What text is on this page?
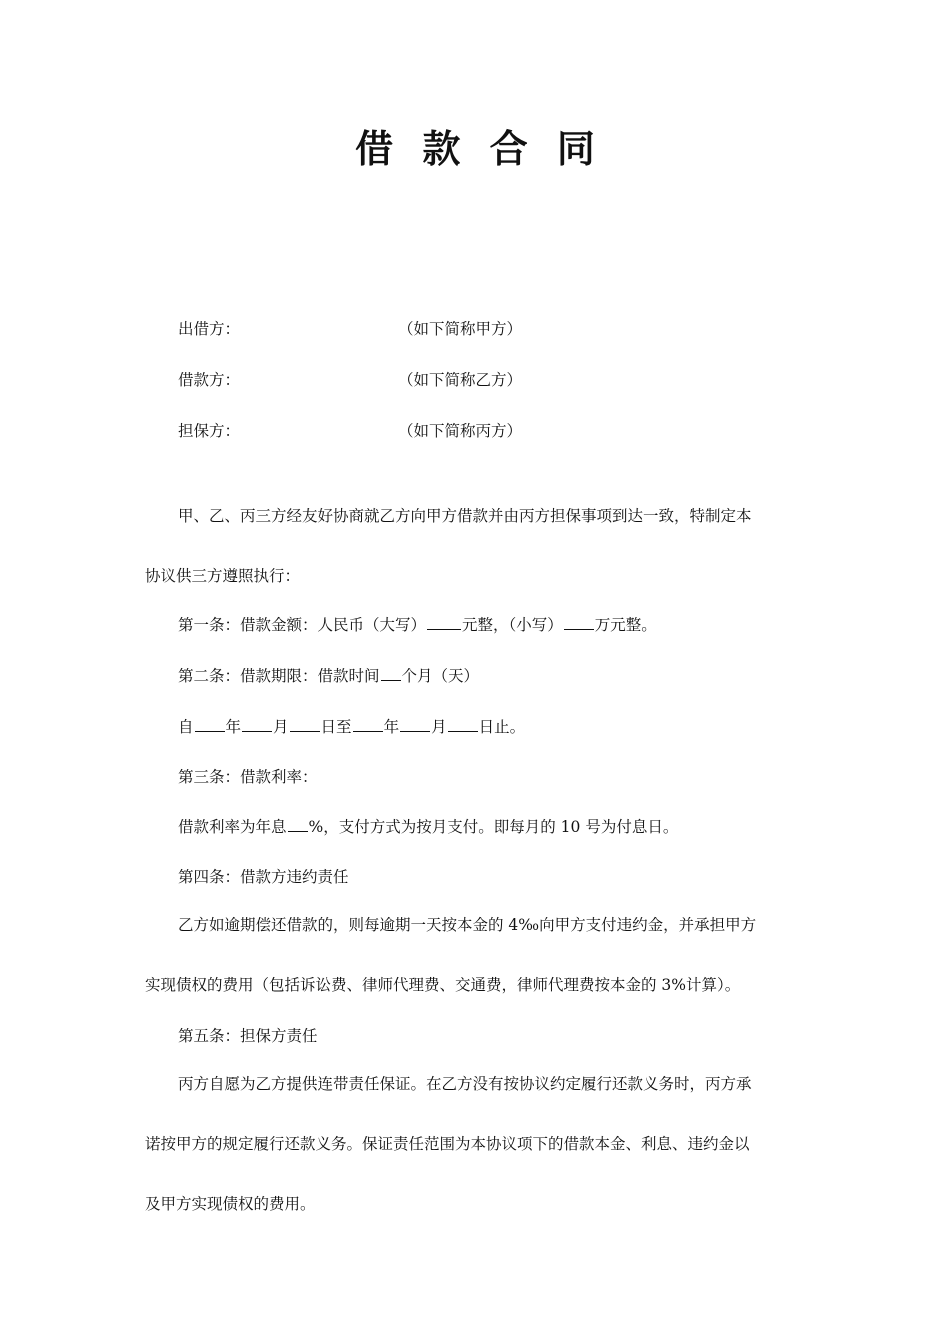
借 款 合 同
出借方：	（如下简称甲方）
借款方：	（如下简称乙方）
担保方：	（如下简称丙方）
甲、乙、丙三方经友好协商就乙方向甲方借款并由丙方担保事项到达一致，特制定本
协议供三方遵照执行：
第一条：借款金额：人民币（大写） 元整，（小写） 万元整。
第二条：借款期限：借款时间 个月（天）
自 年 月 日至 年 月 日止。
第三条：借款利率：
借款利率为年息 %，支付方式为按月支付。即每月的 10 号为付息日。
第四条：借款方违约责任
乙方如逾期偿还借款的，则每逾期一天按本金的 4‰向甲方支付违约金，并承担甲方
实现债权的费用（包括诉讼费、律师代理费、交通费，律师代理费按本金的 3%计算）。
第五条：担保方责任
丙方自愿为乙方提供连带责任保证。在乙方没有按协议约定履行还款义务时，丙方承
诺按甲方的规定履行还款义务。保证责任范围为本协议项下的借款本金、利息、违约金以
及甲方实现债权的费用。
